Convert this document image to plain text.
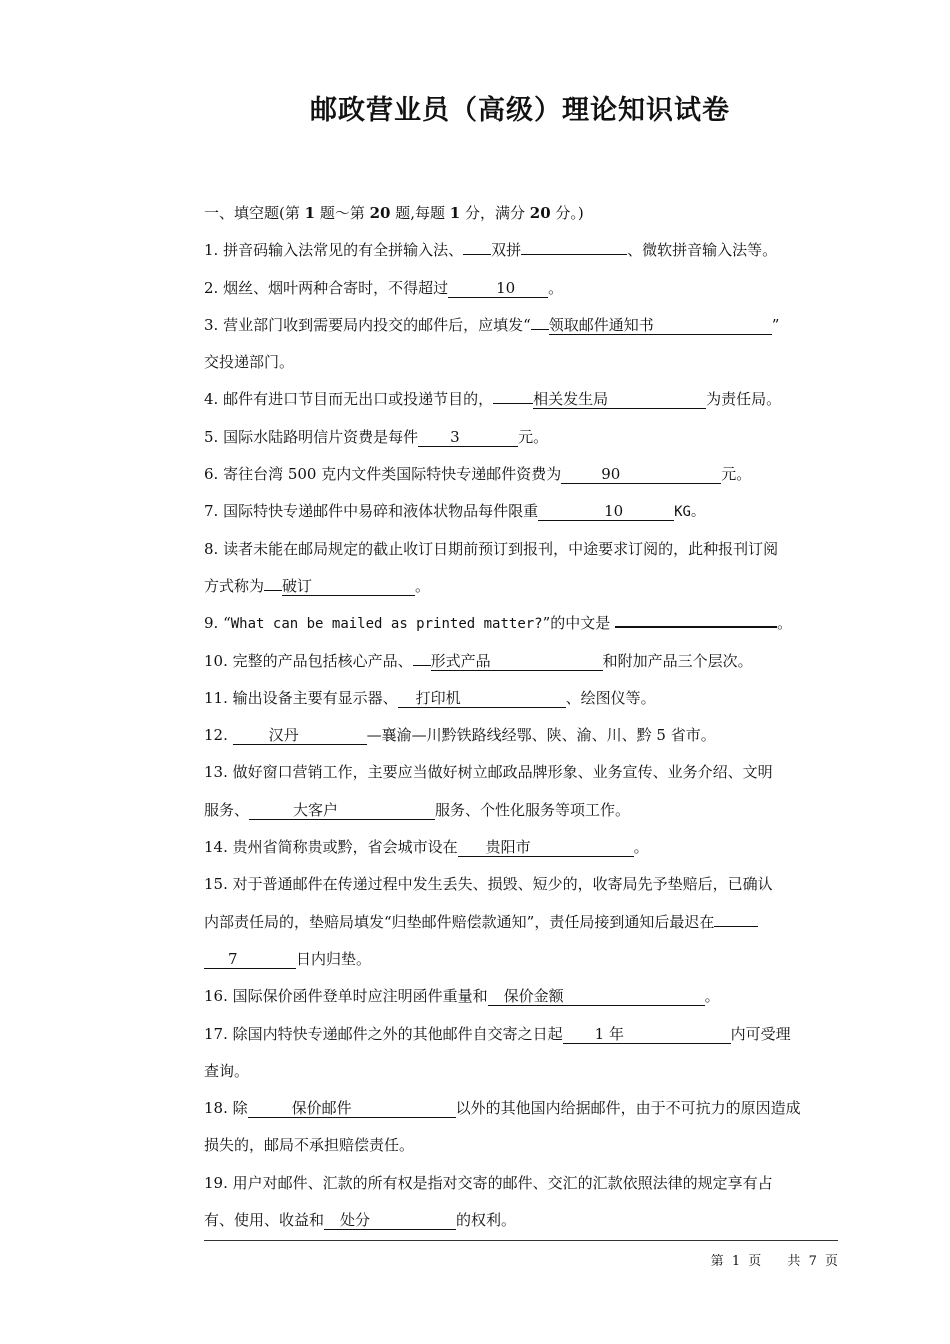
邮政营业员（高级）理论知识试卷
一、填空题(第 1 题～第 20 题,每题 1 分，满分 20 分。)
1. 拼音码输入法常见的有全拼输入法、 双拼	、微软拼音输入法等。
2. 烟丝、烟叶两种合寄时，不得超过	10 。
3. 营业部门收到需要局内投交的邮件后，应填发“ 领取邮件通知书	”
交投递部门。
4. 邮件有进口节目而无出口或投递节目的，	相关发生局	为责任局。
5. 国际水陆路明信片资费是每件 3	元。
6. 寄往台湾 500 克内文件类国际特快专递邮件资费为	90	元。
7. 国际特快专递邮件中易碎和液体状物品每件限重	10	KG。
8. 读者未能在邮局规定的截止收订日期前预订到报刊，中途要求订阅的，此种报刊订阅
方式称为 破订	。
9. “What can be mailed as printed matter?”的中文是	。
10. 完整的产品包括核心产品、 形式产品	和附加产品三个层次。
11. 输出设备主要有显示器、 打印机	、绘图仪等。
12. 汉丹	—襄渝—川黔铁路线经鄂、陕、渝、川、黔 5 省市。
13. 做好窗口营销工作，主要应当做好树立邮政品牌形象、业务宣传、业务介绍、文明
服务、	大客户	服务、个性化服务等项工作。
14. 贵州省简称贵或黔，省会城市设在 贵阳市	。
15. 对于普通邮件在传递过程中发生丢失、损毁、短少的，收寄局先予垫赔后，已确认
内部责任局的，垫赔局填发“归垫邮件赔偿款通知”，责任局接到通知后最迟在
7	日内归垫。
16. 国际保价函件登单时应注明函件重量和 保价金额	。
17. 除国内特快专递邮件之外的其他邮件自交寄之日起 1 年	内可受理
查询。
18. 除	保价邮件	以外的其他国内给据邮件，由于不可抗力的原因造成
损失的，邮局不承担赔偿责任。
19. 用户对邮件、汇款的所有权是指对交寄的邮件、交汇的汇款依照法律的规定享有占
有、使用、收益和 处分	的权利。
第 1 页 共 7 页
